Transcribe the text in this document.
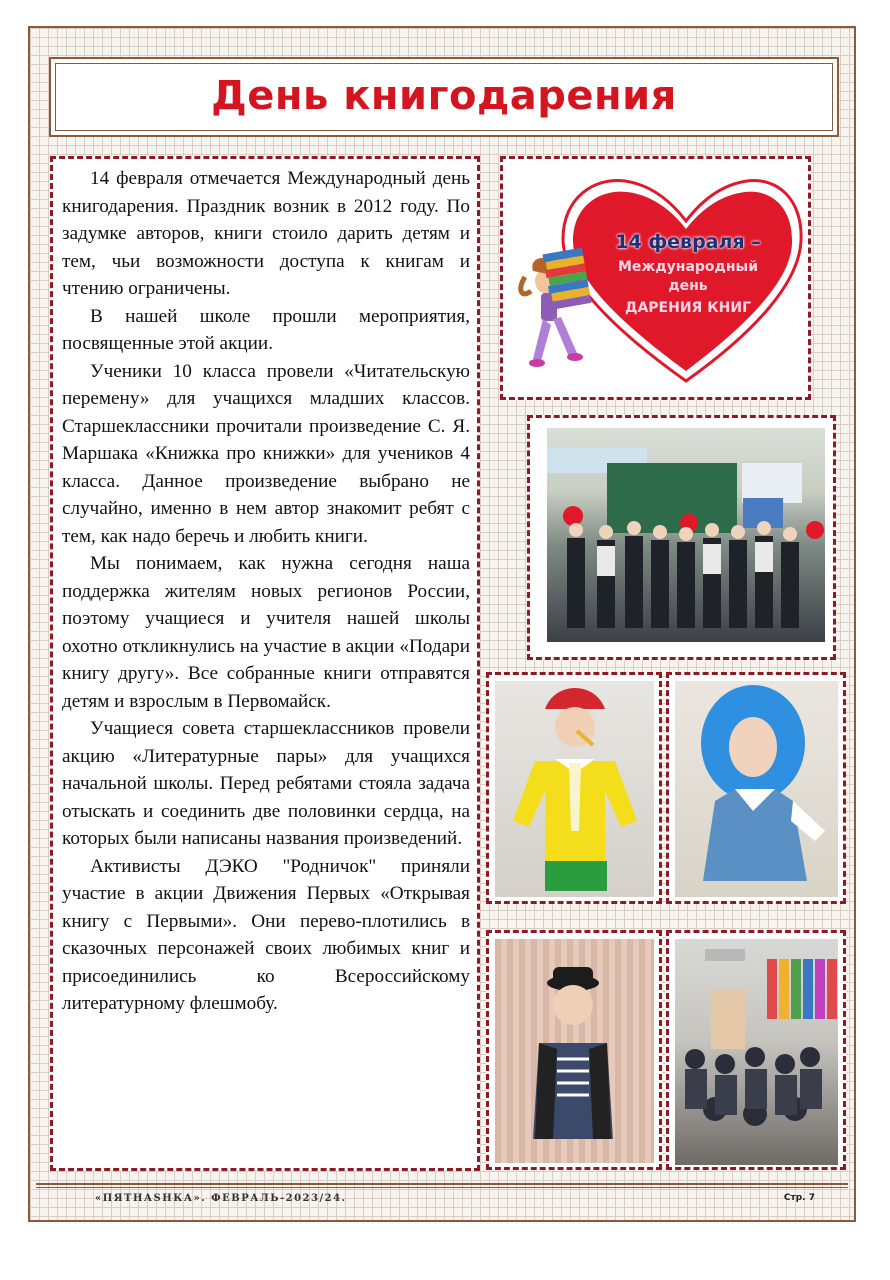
День книгодарения

14 февраля отмечается Международный день книгодарения. Праздник возник в 2012 году. По задумке авторов, книги стоило дарить детям и тем, чьи возможности доступа к книгам и чтению ограничены.

В нашей школе прошли мероприятия, посвященные этой акции.

Ученики 10 класса провели «Читательскую перемену» для учащихся младших классов. Старшеклассники прочитали произведение С. Я. Маршака «Книжка про книжки» для учеников 4 класса. Данное произведение выбрано не случайно, именно в нем автор знакомит ребят с тем, как надо беречь и любить книги.

Мы понимаем, как нужна сегодня наша поддержка жителям новых регионов России, поэтому учащиеся и учителя нашей школы охотно откликнулись на участие в акции «Подари книгу другу». Все собранные книги отправятся детям и взрослым в Первомайск.

Учащиеся совета старшеклассников провели акцию «Литературные пары» для учащихся начальной школы. Перед ребятами стояла задача отыскать и соединить две половинки сердца, на которых были написаны названия произведений.

Активисты ДЭКО "Родничок" приняли участие в акции Движения Первых «Открывая книгу с Первыми». Они перево-плотились в сказочных персонажей своих любимых книг и присоединились ко Всероссийскому литературному флешмобу.

14 февраля –
Международный
день
ДАРЕНИЯ КНИГ
«ПЯТНАSHКА». ФЕВРАЛЬ-2023/24.	Стр. 7
